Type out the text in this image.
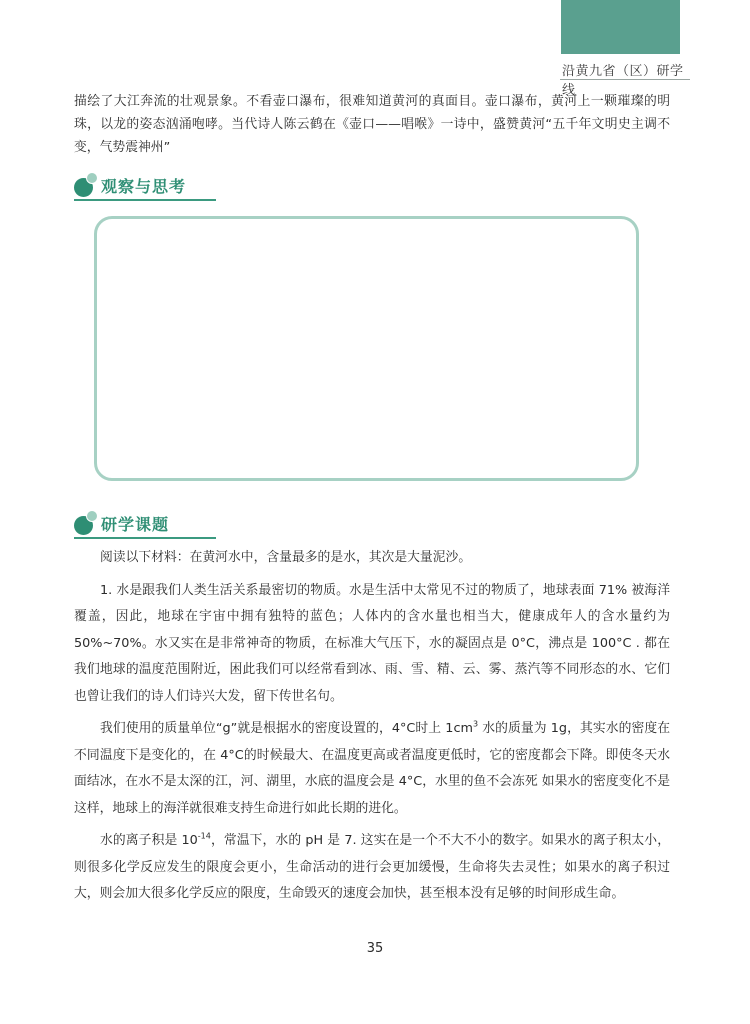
沿黄九省（区）研学线

描绘了大江奔流的壮观景象。不看壶口瀑布，很难知道黄河的真面目。壶口瀑布，黄河上一颗璀璨的明珠，以龙的姿态汹涌咆哮。当代诗人陈云鹤在《壶口——唱喉》一诗中，盛赞黄河“五千年文明史主调不变，气势震神州”

观察与思考
研学课题

阅读以下材料：在黄河水中，含量最多的是水，其次是大量泥沙。

1. 水是跟我们人类生活关系最密切的物质。水是生活中太常见不过的物质了，地球表面 71% 被海洋覆盖，因此，地球在宇宙中拥有独特的蓝色；人体内的含水量也相当大，健康成年人的含水量约为 50%~70%。水又实在是非常神奇的物质，在标准大气压下，水的凝固点是 0°C，沸点是 100°C . 都在我们地球的温度范围附近，困此我们可以经常看到冰、雨、雪、精、云、雾、蒸汽等不同形态的水、它们也曾让我们的诗人们诗兴大发，留下传世名句。

我们使用的质量单位“g”就是根据水的密度设置的，4°C时上 $1cm^3$ 水的质量为 1g，其实水的密度在不同温度下是变化的，在 4°C的时候最大、在温度更高或者温度更低时，它的密度都会下降。即使冬天水面结冰，在水不是太深的江，河、湖里，水底的温度会是 4°C，水里的鱼不会冻死 如果水的密度变化不是这样，地球上的海洋就很难支持生命进行如此长期的进化。

水的离子积是 $10^{-14}$，常温下，水的 pH 是 7. 这实在是一个不大不小的数字。如果水的离子积太小，则很多化学反应发生的限度会更小，生命活动的进行会更加缓慢，生命将失去灵性；如果水的离子积过大，则会加大很多化学反应的限度，生命毁灭的速度会加快，甚至根本没有足够的时间形成生命。

35
